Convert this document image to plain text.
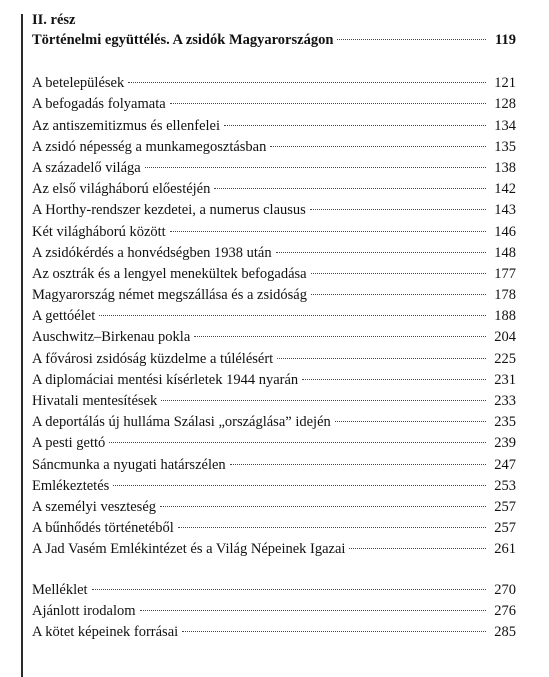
II. rész
Történelmi együttélés. A zsidók Magyarországon	119
A betelepülések	121
A befogadás folyamata	128
Az antiszemitizmus és ellenfelei	134
A zsidó népesség a munkamegosztásban	135
A századelő világa	138
Az első világháború előestéjén	142
A Horthy-rendszer kezdetei, a numerus clausus	143
Két világháború között	146
A zsidókérdés a honvédségben 1938 után	148
Az osztrák és a lengyel menekültek befogadása	177
Magyarország német megszállása és a zsidóság	178
A gettóélet	188
Auschwitz–Birkenau pokla	204
A fővárosi zsidóság küzdelme a túlélésért	225
A diplomáciai mentési kísérletek 1944 nyarán	231
Hivatali mentesítések	233
A deportálás új hulláma Szálasi „országlása” idején	235
A pesti gettó	239
Sáncmunka a nyugati határszélen	247
Emlékeztetés	253
A személyi veszteség	257
A bűnhődés történetéből	257
A Jad Vasém Emlékintézet és a Világ Népeinek Igazai	261
Melléklet	270
Ajánlott irodalom	276
A kötet képeinek forrásai	285
